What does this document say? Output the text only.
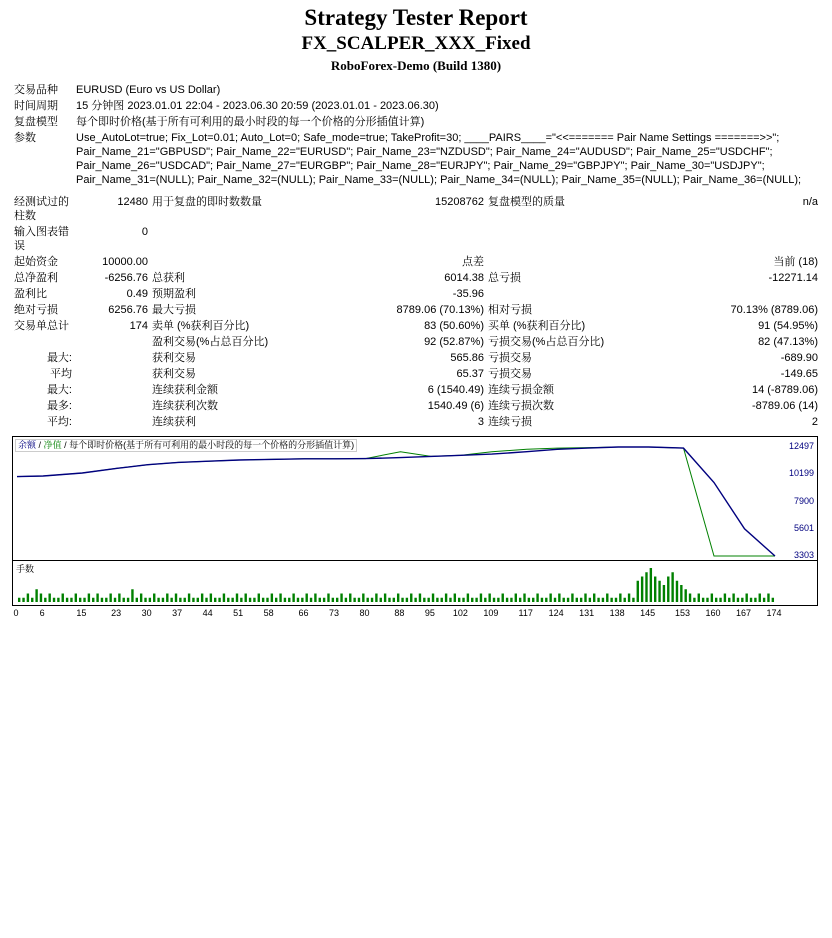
Strategy Tester Report
FX_SCALPER_XXX_Fixed
RoboForex-Demo (Build 1380)
交易品种	EURUSD (Euro vs US Dollar)
时间周期	15 分钟图 2023.01.01 22:04 - 2023.06.30 20:59 (2023.01.01 - 2023.06.30)
复盘模型	每个即时价格(基于所有可利用的最小时段的每一个价格的分形插值计算)
参数	Use_AutoLot=true; Fix_Lot=0.01; Auto_Lot=0; Safe_mode=true; TakeProfit=30; ____PAIRS____="<<======= Pair Name Settings =======>>"; Pair_Name_21="GBPUSD"; Pair_Name_22="EURUSD"; Pair_Name_23="NZDUSD"; Pair_Name_24="AUDUSD"; Pair_Name_25="USDCHF"; Pair_Name_26="USDCAD"; Pair_Name_27="EURGBP"; Pair_Name_28="EURJPY"; Pair_Name_29="GBPJPY"; Pair_Name_30="USDJPY"; Pair_Name_31=(NULL); Pair_Name_32=(NULL); Pair_Name_33=(NULL); Pair_Name_34=(NULL); Pair_Name_35=(NULL); Pair_Name_36=(NULL);
经测试过的柱数	12480	用于复盘的即时数数量	15208762	复盘模型的质量	n/a
输入图表错误	0				
起始资金	10000.00		点差		当前 (18)
总净盈利	-6256.76	总获利	6014.38	总亏损	-12271.14
盈利比	0.49	预期盈利	-35.96		
绝对亏损	6256.76	最大亏损	8789.06 (70.13%)	相对亏损	70.13% (8789.06)
交易单总计	174	卖单 (%获利百分比)	83 (50.60%)	买单 (%获利百分比)	91 (54.95%)
		盈利交易(%占总百分比)	92 (52.87%)	亏损交易(%占总百分比)	82 (47.13%)
最大:		获利交易	565.86	亏损交易	-689.90
平均		获利交易	65.37	亏损交易	-149.65
最大:		连续获利金额	6 (1540.49)	连续亏损金额	14 (-8789.06)
最多:		连续获利次数	1540.49 (6)	连续亏损次数	-8789.06 (14)
平均:		连续获利	3	连续亏损	2
余额 / 净值 / 每个即时价格(基于所有可利用的最小时段的每一个价格的分形插值计算)	12497
10199
7900
5601
3303
手数
0 6	15	23 30 37 44 51 58	66 73 80	88 95 102 109 117 124 131 138 145 153 160 167 174
